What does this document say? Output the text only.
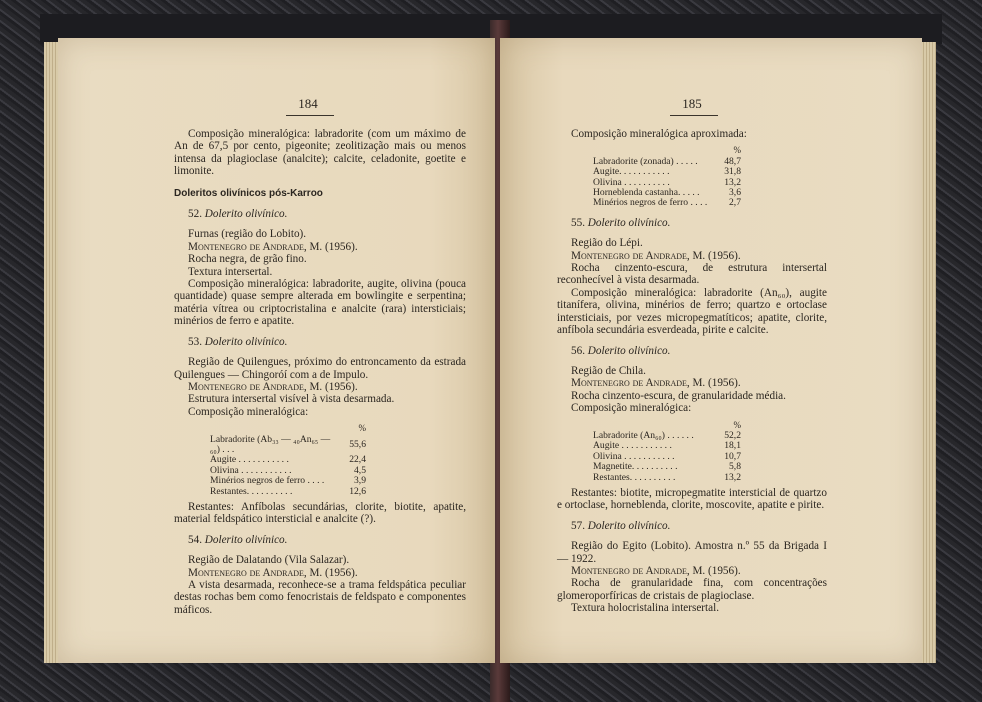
184

Composição mineralógica: labradorite (com um máximo de An de 67,5 por cento, pigeonite; zeolitização mais ou menos intensa da plagioclase (analcite); calcite, celadonite, goetite e limonite.

Doleritos olivínicos pós-Karroo
52. Dolerito olivínico.

Furnas (região do Lobito).

Montenegro de Andrade, M. (1956).

Rocha negra, de grão fino.

Textura intersertal.

Composição mineralógica: labradorite, augite, olivina (pouca quantidade) quase sempre alterada em bowlingite e serpentina; matéria vítrea ou criptocristalina e analcite (rara) intersticiais; minérios de ferro e apatite.

53. Dolerito olivínico.

Região de Quilengues, próximo do entroncamento da estrada Quilengues — Chingoróí com a de Impulo.

Montenegro de Andrade, M. (1956).

Estrutura intersertal visível à vista desarmada.

Composição mineralógica:

%
Labradorite (Ab₃₃ — ₄₀An₆₅ — ₆₀) . . .	55,6
Augite . . . . . . . . . . .	22,4
Olivina . . . . . . . . . . .	4,5
Minérios negros de ferro . . . .	3,9
Restantes. . . . . . . . . .	12,6

Restantes: Anfíbolas secundárias, clorite, biotite, apatite, material feldspático intersticial e analcite (?).

54. Dolerito olivínico.

Região de Dalatando (Vila Salazar).

Montenegro de Andrade, M. (1956).

A vista desarmada, reconhece-se a trama feldspática peculiar destas rochas bem como fenocristais de feldspato e componentes máficos.

185

Composição mineralógica aproximada:

%
Labradorite (zonada) . . . . .	48,7
Augite. . . . . . . . . . .	31,8
Olivina . . . . . . . . . .	13,2
Horneblenda castanha. . . . .	3,6
Minérios negros de ferro . . . .	2,7
55. Dolerito olivínico.

Região do Lépi.

Montenegro de Andrade, M. (1956).

Rocha cinzento-escura, de estrutura intersertal reconhecível à vista desarmada.

Composição mineralógica: labradorite (An₆₀), augite titanífera, olivina, minérios de ferro; quartzo e ortoclase intersticiais, por vezes micropegmatíticos; apatite, clorite, anfíbola secundária esverdeada, pirite e calcite.

56. Dolerito olivínico.

Região de Chila.

Montenegro de Andrade, M. (1956).

Rocha cinzento-escura, de granularidade média.

Composição mineralógica:

%
Labradorite (An₆₀) . . . . . .	52,2
Augite . . . . . . . . . . .	18,1
Olivina . . . . . . . . . . .	10,7
Magnetite. . . . . . . . . .	5,8
Restantes. . . . . . . . . .	13,2

Restantes: biotite, micropegmatite intersticial de quartzo e ortoclase, horneblenda, clorite, moscovite, apatite e pirite.

57. Dolerito olivínico.

Região do Egito (Lobito). Amostra n.º 55 da Brigada I — 1922.

Montenegro de Andrade, M. (1956).

Rocha de granularidade fina, com concentrações glomeroporfíricas de cristais de plagioclase.

Textura holocristalina intersertal.
